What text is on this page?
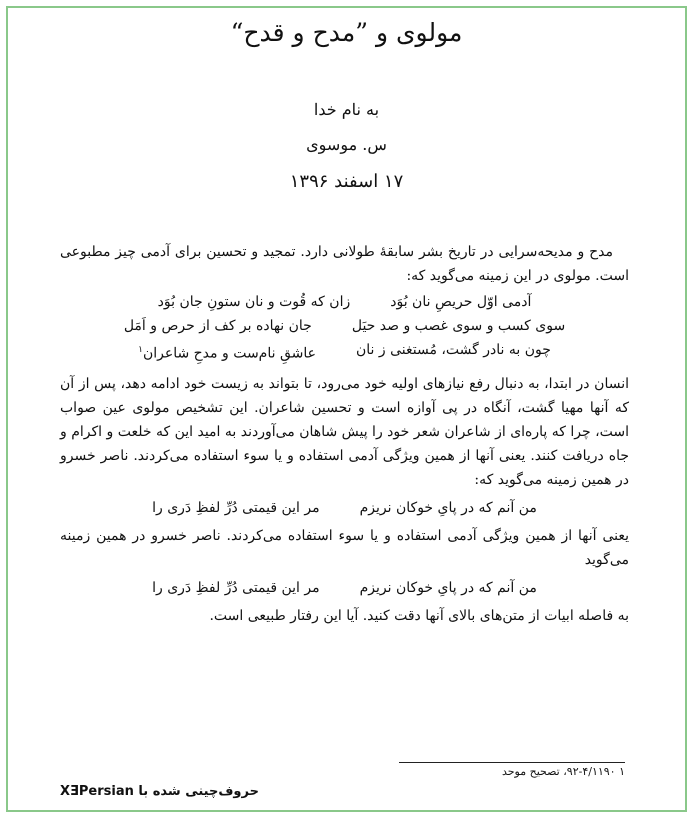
مولوی و ”مدح و قدح“
به نام خدا
س. موسوی
۱۷ اسفند ۱۳۹۶

مدح و مدیحه‌سرایی در تاریخ بشر سابقهٔ طولانی دارد. تمجید و تحسین برای آدمی چیز مطبوعی است. مولوی در این زمینه می‌گوید که:

آدمی اوّل حریصِ نان بُوَد
زان که قُوت و نان ستونِ جان بُوَد
سوی کسب و سوی غصب و صد حیَل
جان نهاده بر کف از حرص و اَمَل
چون به نادر گشت، مُستغنی ز نان
عاشقِ نام‌ست و مدحِ شاعران$^۱$

انسان در ابتدا، به دنبال رفع نیازهای اولیه خود می‌رود، تا بتواند به زیست خود ادامه دهد، پس از آن که آنها مهیا گشت، آنگاه در پی آوازه است و تحسین شاعران. این تشخیص مولوی عین صواب است، چرا که پاره‌ای از شاعران شعر خود را پیش شاهان می‌آوردند به امید این که خلعت و اکرام و جاه دریافت کنند. یعنی آنها از همین ویژگی آدمی استفاده و یا سوء استفاده می‌کردند. ناصر خسرو در همین زمینه می‌گوید که:

من آنم که در پایِ خوکان نریزم
مر این قیمتی دُرِّ لفظِ دَری را

یعنی آنها از همین ویژگی آدمی استفاده و یا سوء استفاده می‌کردند. ناصر خسرو در همین زمینه می‌گوید

من آنم که در پایِ خوکان نریزم
مر این قیمتی دُرِّ لفظِ دَری را

به فاصله ابیات از متن‌های بالای آنها دقت کنید. آیا این رفتار طبیعی است.

۱ ۹۲-۴/۱۱۹۰، تصحیح موحد
حروف‌چینی شده با XƎPersian
